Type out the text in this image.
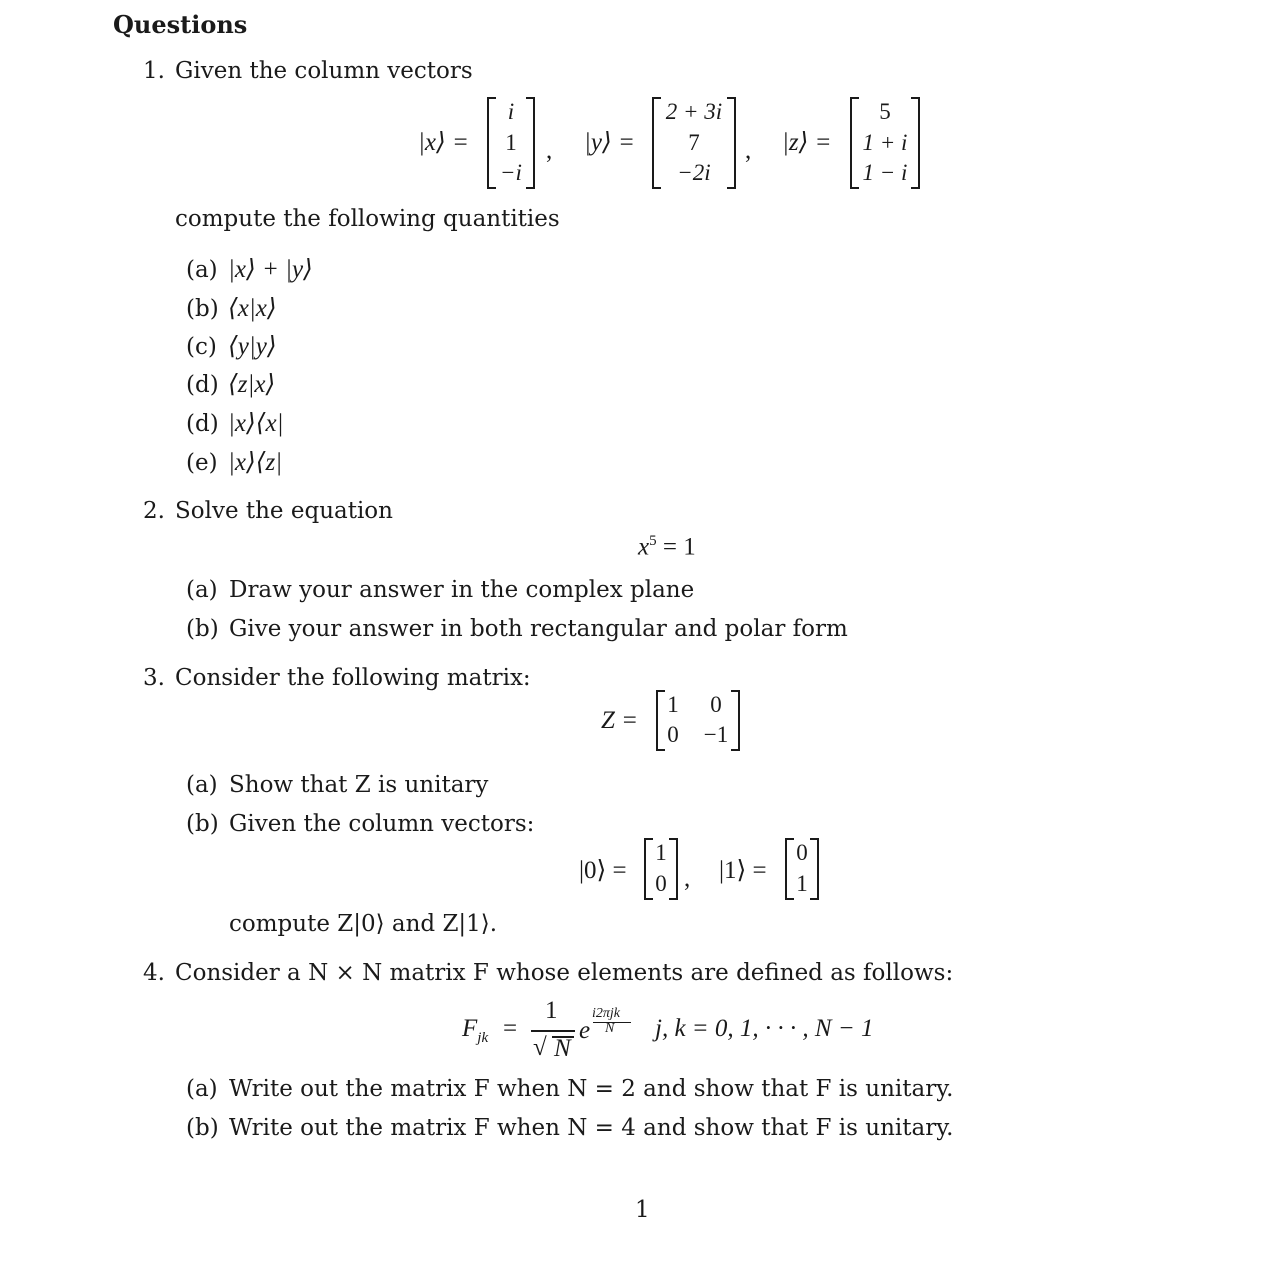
Questions
1. Given the column vectors
|x⟩ =
i
1
−i
, |y⟩ =
2 + 3i
7
−2i
, |z⟩ =
5
1 + i
1 − i
compute the following quantities
(a) |x⟩ + |y⟩
(b) ⟨x|x⟩
(c) ⟨y|y⟩
(d) ⟨z|x⟩
(d) |x⟩⟨x|
(e) |x⟩⟨z|
2. Solve the equation
$x^5 = 1$
(a) Draw your answer in the complex plane
(b) Give your answer in both rectangular and polar form
3. Consider the following matrix:
Z =
1	0
0	−1
(a) Show that Z is unitary
(b) Given the column vectors:
|0⟩ =
1
0 , |1⟩ =
0
1
compute Z|0⟩ and Z|1⟩.
4. Consider a N × N matrix F whose elements are defined as follows:
$F_{jk}$ =
1
√ N
e
i2πjk
N j, k = 0, 1, · · · , N − 1
(a) Write out the matrix F when N = 2 and show that F is unitary.
(b) Write out the matrix F when N = 4 and show that F is unitary.
1
